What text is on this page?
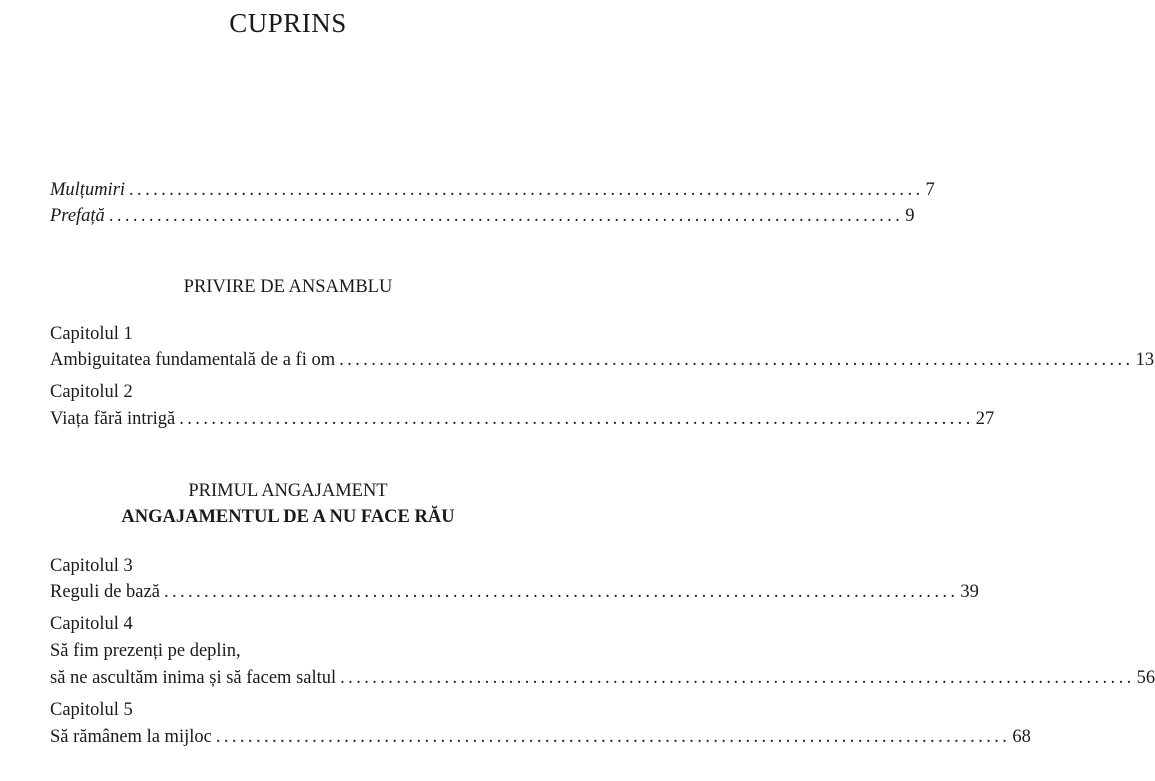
CUPRINS
Mulțumiri ................................................................................................... 7
Prefață ................................................................................................... 9
PRIVIRE DE ANSAMBLU
Capitolul 1
Ambiguitatea fundamentală de a fi om ................................................................................................... 13
Capitolul 2
Viața fără intrigă ................................................................................................... 27
PRIMUL ANGAJAMENT
ANGAJAMENTUL DE A NU FACE RĂU
Capitolul 3
Reguli de bază ................................................................................................... 39
Capitolul 4
Să fim prezenți pe deplin,
să ne ascultăm inima și să facem saltul ................................................................................................... 56
Capitolul 5
Să rămânem la mijloc ................................................................................................... 68
